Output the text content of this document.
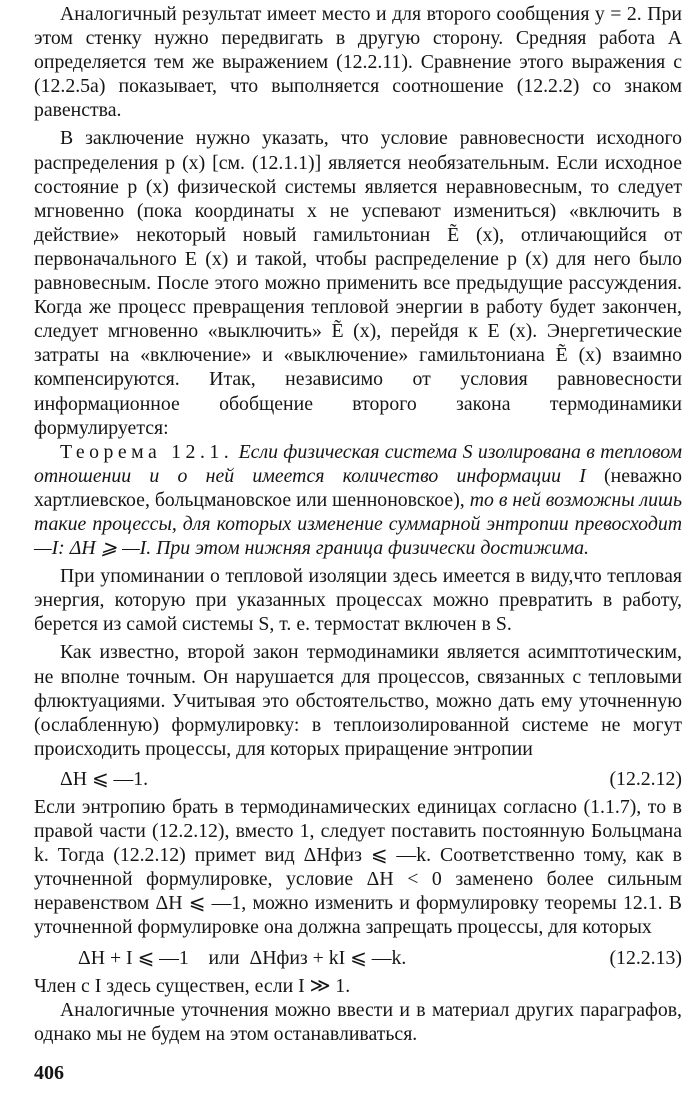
Аналогичный результат имеет место и для второго сообщения y = 2. При этом стенку нужно передвигать в другую сторону. Средняя работа A определяется тем же выражением (12.2.11). Сравнение этого выражения с (12.2.5а) показывает, что выполняется соотношение (12.2.2) со знаком равенства.

В заключение нужно указать, что условие равновесности исходного распределения p (x) [см. (12.1.1)] является необязательным. Если исходное состояние p (x) физической системы является неравновесным, то следует мгновенно (пока координаты x не успевают измениться) «включить в действие» некоторый новый гамильтониан Ẽ (x), отличающийся от первоначального E (x) и такой, чтобы распределение p (x) для него было равновесным. После этого можно применить все предыдущие рассуждения. Когда же процесс превращения тепловой энергии в работу будет закончен, следует мгновенно «выключить» Ẽ (x), перейдя к E (x). Энергетические затраты на «включение» и «выключение» гамильтониана Ẽ (x) взаимно компенсируются. Итак, независимо от условия равновесности информационное обобщение второго закона термодинамики формулируется:

Теорема 12.1. Если физическая система S изолирована в тепловом отношении и о ней имеется количество информации I (неважно хартлиевское, больцмановское или шенноновское), то в ней возможны лишь такие процессы, для которых изменение суммарной энтропии превосходит —I: ΔH ⩾ —I. При этом нижняя граница физически достижима.

При упоминании о тепловой изоляции здесь имеется в виду,что тепловая энергия, которую при указанных процессах можно превратить в работу, берется из самой системы S, т. е. термостат включен в S.

Как известно, второй закон термодинамики является асимптотическим, не вполне точным. Он нарушается для процессов, связанных с тепловыми флюктуациями. Учитывая это обстоятельство, можно дать ему уточненную (ослабленную) формулировку: в теплоизолированной системе не могут происходить процессы, для которых приращение энтропии

ΔH ⩽ —1.	(12.2.12)

Если энтропию брать в термодинамических единицах согласно (1.1.7), то в правой части (12.2.12), вместо 1, следует поставить постоянную Больцмана k. Тогда (12.2.12) примет вид ΔHфиз ⩽ —k. Соответственно тому, как в уточненной формулировке, условие ΔH < 0 заменено более сильным неравенством ΔH ⩽ —1, можно изменить и формулировку теоремы 12.1. В уточненной формулировке она должна запрещать процессы, для которых

ΔH + I ⩽ —1    или  ΔHфиз + kI ⩽ —k.	(12.2.13)

Член с I здесь существен, если I ≫ 1.

Аналогичные уточнения можно ввести и в материал других параграфов, однако мы не будем на этом останавливаться.

406
